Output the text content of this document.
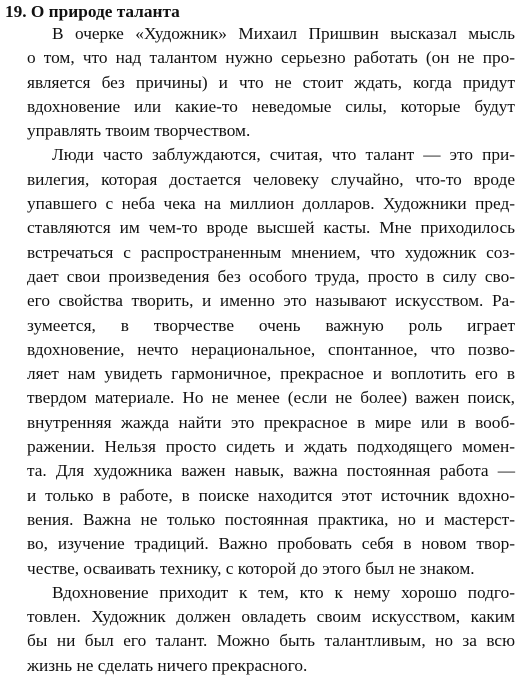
19. О природе таланта
В очерке «Художник» Михаил Пришвин высказал мысль
о том, что над талантом нужно серьезно работать (он не про-
является без причины) и что не стоит ждать, когда придут
вдохновение или какие-то неведомые силы, которые будут
управлять твоим творчеством.
Люди часто заблуждаются, считая, что талант — это при-
вилегия, которая достается человеку случайно, что-то вроде
упавшего с неба чека на миллион долларов. Художники пред-
ставляются им чем-то вроде высшей касты. Мне приходилось
встречаться с распространенным мнением, что художник соз-
дает свои произведения без особого труда, просто в силу сво-
его свойства творить, и именно это называют искусством. Ра-
зумеется, в творчестве очень важную роль играет
вдохновение, нечто нерациональное, спонтанное, что позво-
ляет нам увидеть гармоничное, прекрасное и воплотить его в
твердом материале. Но не менее (если не более) важен поиск,
внутренняя жажда найти это прекрасное в мире или в вооб-
ражении. Нельзя просто сидеть и ждать подходящего момен-
та. Для художника важен навык, важна постоянная работа —
и только в работе, в поиске находится этот источник вдохно-
вения. Важна не только постоянная практика, но и мастерст-
во, изучение традиций. Важно пробовать себя в новом твор-
честве, осваивать технику, с которой до этого был не знаком.
Вдохновение приходит к тем, кто к нему хорошо подго-
товлен. Художник должен овладеть своим искусством, каким
бы ни был его талант. Можно быть талантливым, но за всю
жизнь не сделать ничего прекрасного.
